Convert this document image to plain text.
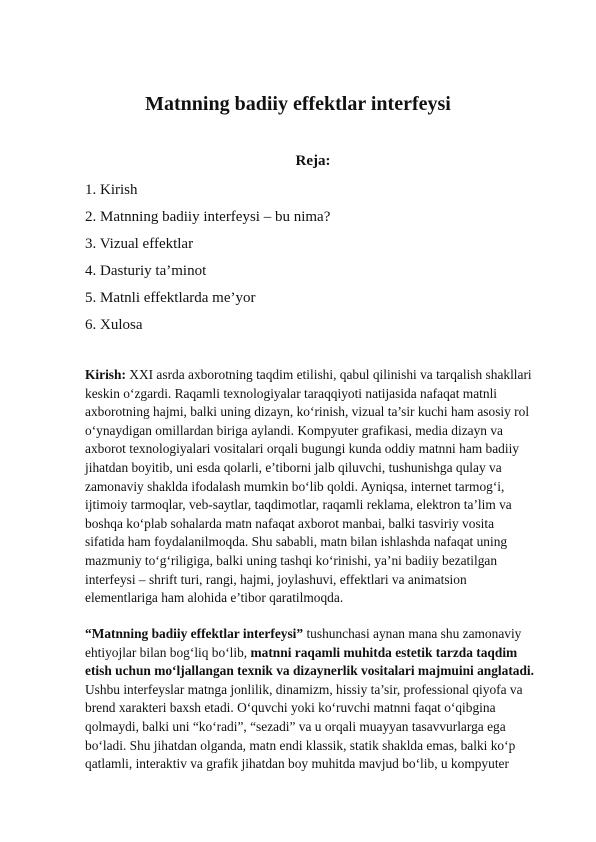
Matnning badiiy effektlar interfeysi
Reja:
1. Kirish
2. Matnning badiiy interfeysi – bu nima?
3. Vizual effektlar
4. Dasturiy ta’minot
5. Matnli effektlarda me’yor
6. Xulosa

Kirish: XXI asrda axborotning taqdim etilishi, qabul qilinishi va tarqalish shakllari
keskin o‘zgardi. Raqamli texnologiyalar taraqqiyoti natijasida nafaqat matnli
axborotning hajmi, balki uning dizayn, ko‘rinish, vizual ta’sir kuchi ham asosiy rol
o‘ynaydigan omillardan biriga aylandi. Kompyuter grafikasi, media dizayn va
axborot texnologiyalari vositalari orqali bugungi kunda oddiy matnni ham badiiy
jihatdan boyitib, uni esda qolarli, e’tiborni jalb qiluvchi, tushunishga qulay va
zamonaviy shaklda ifodalash mumkin bo‘lib qoldi. Ayniqsa, internet tarmog‘i,
ijtimoiy tarmoqlar, veb-saytlar, taqdimotlar, raqamli reklama, elektron ta’lim va
boshqa ko‘plab sohalarda matn nafaqat axborot manbai, balki tasviriy vosita
sifatida ham foydalanilmoqda. Shu sababli, matn bilan ishlashda nafaqat uning
mazmuniy to‘g‘riligiga, balki uning tashqi ko‘rinishi, ya’ni badiiy bezatilgan
interfeysi – shrift turi, rangi, hajmi, joylashuvi, effektlari va animatsion
elementlariga ham alohida e’tibor qaratilmoqda.

“Matnning badiiy effektlar interfeysi” tushunchasi aynan mana shu zamonaviy
ehtiyojlar bilan bog‘liq bo‘lib, matnni raqamli muhitda estetik tarzda taqdim
etish uchun mo‘ljallangan texnik va dizaynerlik vositalari majmuini anglatadi.
Ushbu interfeyslar matnga jonlilik, dinamizm, hissiy ta’sir, professional qiyofa va
brend xarakteri baxsh etadi. O‘quvchi yoki ko‘ruvchi matnni faqat o‘qibgina
qolmaydi, balki uni “ko‘radi”, “sezadi” va u orqali muayyan tasavvurlarga ega
bo‘ladi. Shu jihatdan olganda, matn endi klassik, statik shaklda emas, balki ko‘p
qatlamli, interaktiv va grafik jihatdan boy muhitda mavjud bo‘lib, u kompyuter
